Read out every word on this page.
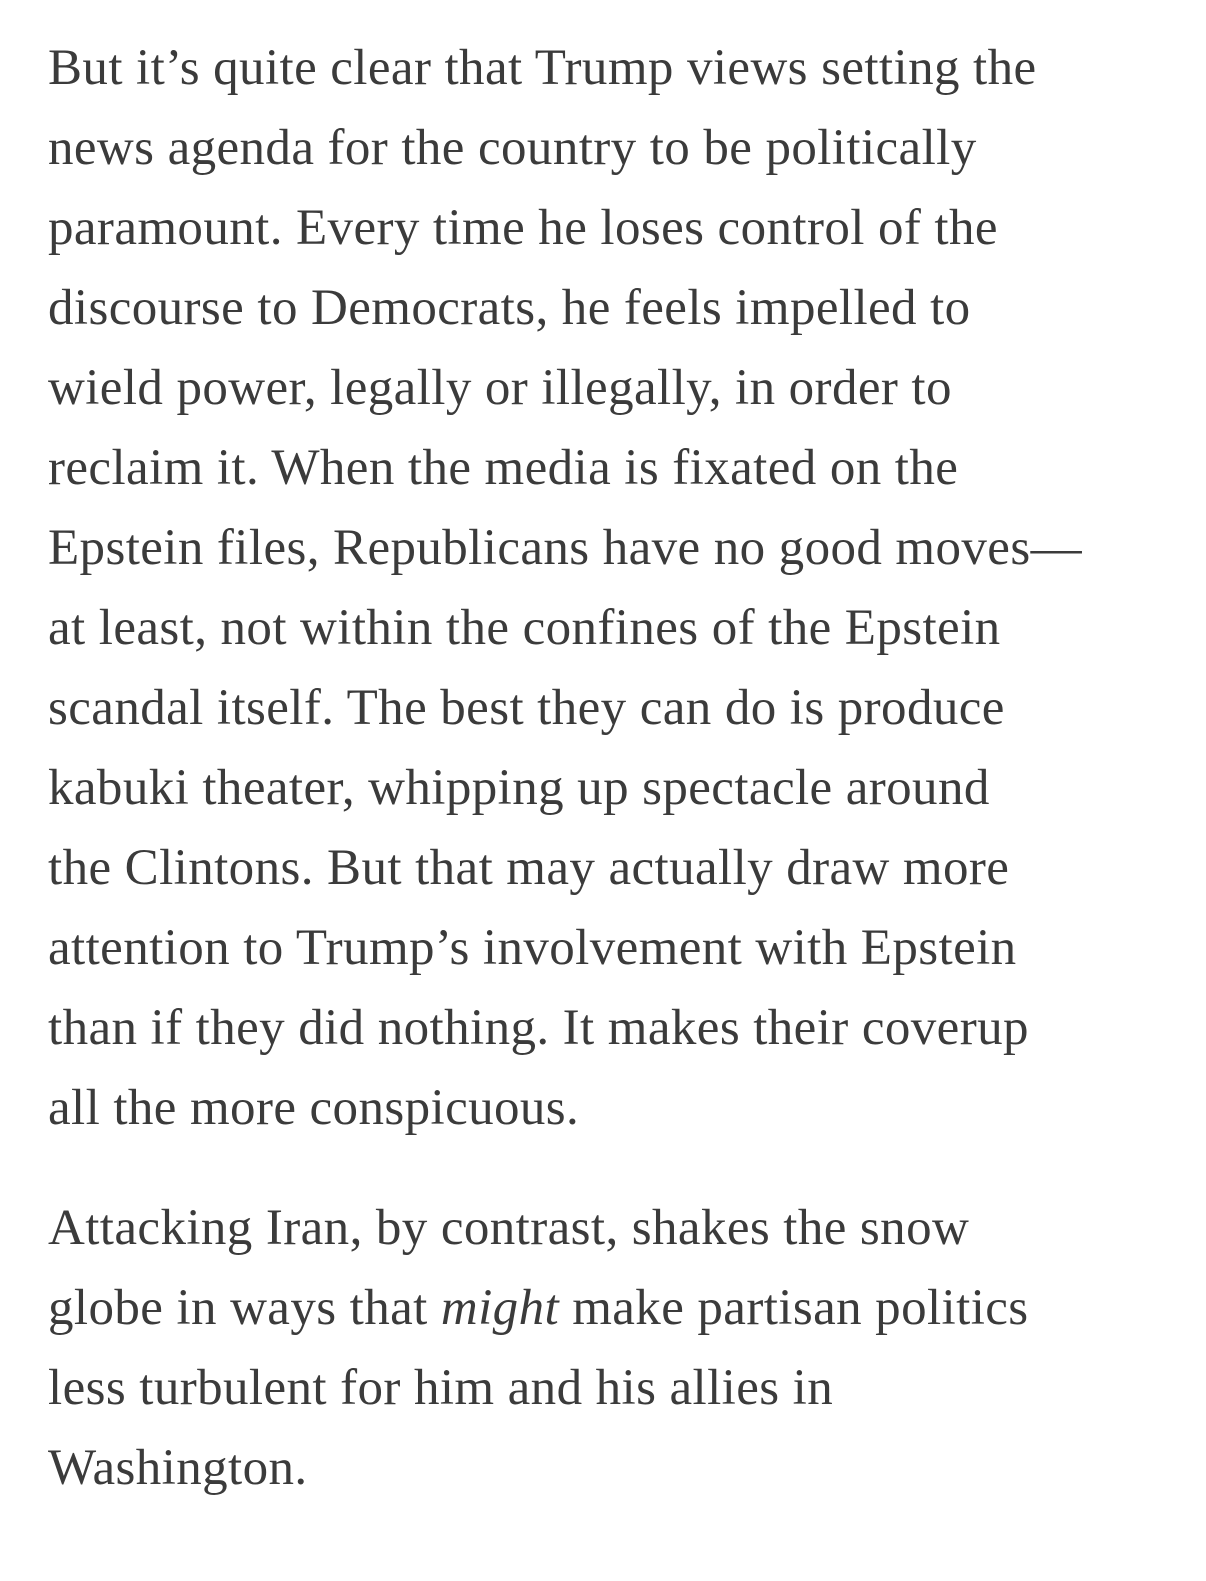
But it’s quite clear that Trump views setting the
news agenda for the country to be politically
paramount. Every time he loses control of the
discourse to Democrats, he feels impelled to
wield power, legally or illegally, in order to
reclaim it. When the media is fixated on the
Epstein files, Republicans have no good moves—
at least, not within the confines of the Epstein
scandal itself. The best they can do is produce
kabuki theater, whipping up spectacle around
the Clintons. But that may actually draw more
attention to Trump’s involvement with Epstein
than if they did nothing. It makes their coverup
all the more conspicuous.

Attacking Iran, by contrast, shakes the snow
globe in ways that might make partisan politics
less turbulent for him and his allies in
Washington.
